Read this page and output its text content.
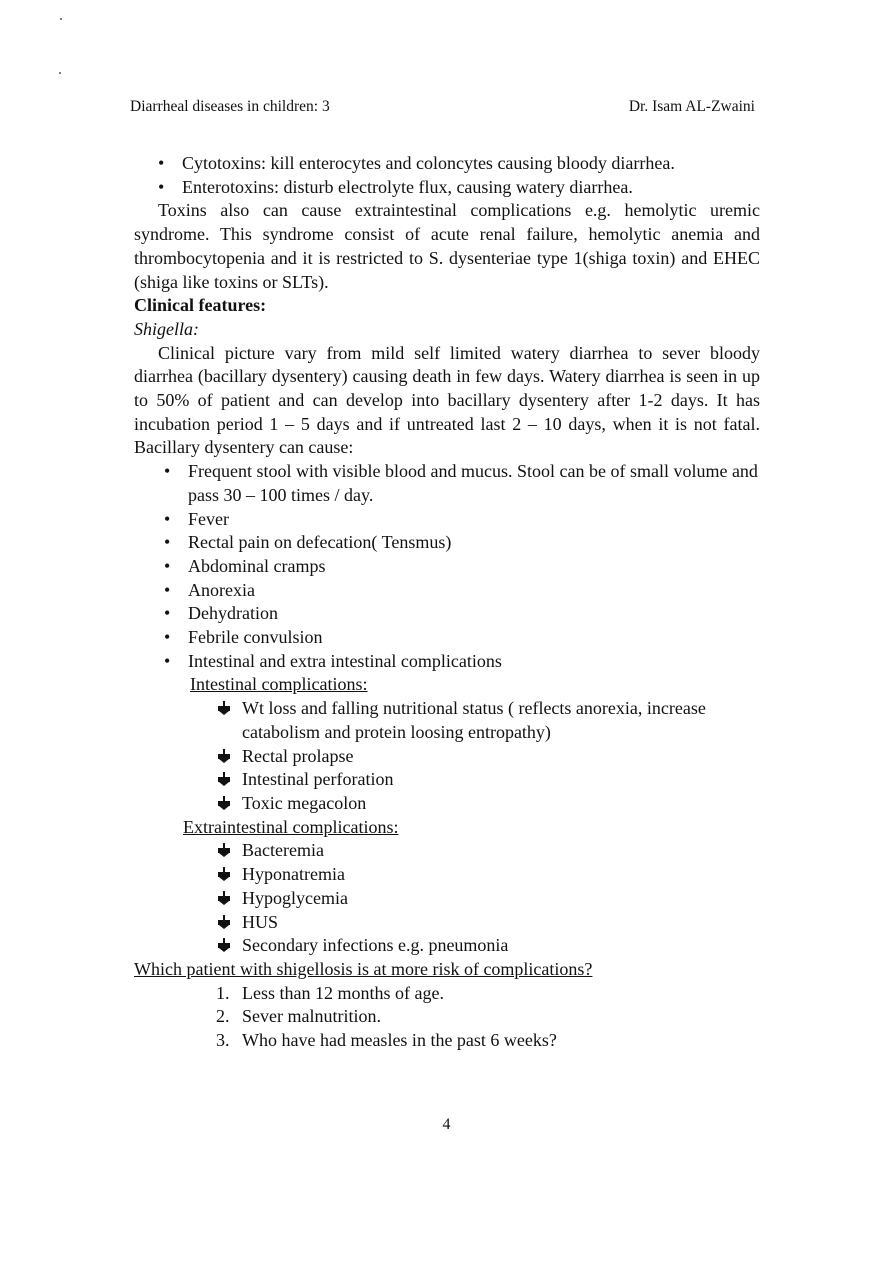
Diarrheal diseases in children: 3	Dr. Isam AL-Zwaini
• Cytotoxins: kill enterocytes and coloncytes causing bloody diarrhea.
• Enterotoxins: disturb electrolyte flux, causing watery diarrhea.

Toxins also can cause extraintestinal complications e.g. hemolytic uremic syndrome. This syndrome consist of acute renal failure, hemolytic anemia and thrombocytopenia and it is restricted to S. dysenteriae type 1(shiga toxin) and EHEC (shiga like toxins or SLTs).

Clinical features:

Shigella:

Clinical picture vary from mild self limited watery diarrhea to sever bloody diarrhea (bacillary dysentery) causing death in few days. Watery diarrhea is seen in up to 50% of patient and can develop into bacillary dysentery after 1-2 days. It has incubation period 1 – 5 days and if untreated last 2 – 10 days, when it is not fatal. Bacillary dysentery can cause:

• Frequent stool with visible blood and mucus. Stool can be of small volume and pass 30 – 100 times / day.
• Fever
• Rectal pain on defecation( Tensmus)
• Abdominal cramps
• Anorexia
• Dehydration
• Febrile convulsion
• Intestinal and extra intestinal complications

Intestinal complications:

Wt loss and falling nutritional status ( reflects anorexia, increase catabolism and protein loosing entropathy)
Rectal prolapse
Intestinal perforation
Toxic megacolon

Extraintestinal complications:

Bacteremia
Hyponatremia
Hypoglycemia
HUS
Secondary infections e.g. pneumonia

Which patient with shigellosis is at more risk of complications?

1. Less than 12 months of age.
2. Sever malnutrition.
3. Who have had measles in the past 6 weeks?
4
